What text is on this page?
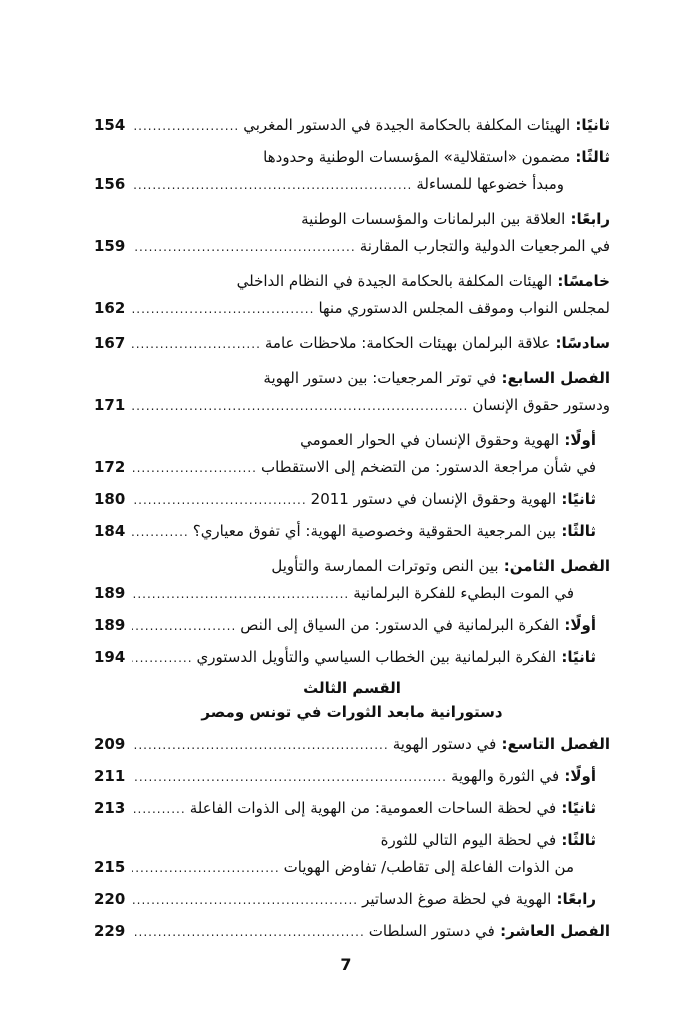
ثانيًا: الهيئات المكلفة بالحكامة الجيدة في الدستور المغربي
.....
154
ثالثًا: مضمون «استقلالية» المؤسسات الوطنية وحدودها
ومبدأ خضوعها للمساءلة
.....
156
رابعًا: العلاقة بين البرلمانات والمؤسسات الوطنية
في المرجعيات الدولية والتجارب المقارنة
.....
159
خامسًا: الهيئات المكلفة بالحكامة الجيدة في النظام الداخلي
لمجلس النواب وموقف المجلس الدستوري منها
.....
162
سادسًا: علاقة البرلمان بهيئات الحكامة: ملاحظات عامة
.....
167
الفصل السابع: في توتر المرجعيات: بين دستور الهوية
ودستور حقوق الإنسان
.....
171
أولًا: الهوية وحقوق الإنسان في الحوار العمومي
في شأن مراجعة الدستور: من التضخم إلى الاستقطاب
.....
172
ثانيًا: الهوية وحقوق الإنسان في دستور 2011
.....
180
ثالثًا: بين المرجعية الحقوقية وخصوصية الهوية: أي تفوق معياري؟
.....
184
الفصل الثامن: بين النص وتوترات الممارسة والتأويل
في الموت البطيء للفكرة البرلمانية
.....
189
أولًا: الفكرة البرلمانية في الدستور: من السياق إلى النص
.....
189
ثانيًا: الفكرة البرلمانية بين الخطاب السياسي والتأويل الدستوري
.....
194
القسم الثالث
دستورانية مابعد الثورات في تونس ومصر
الفصل التاسع: في دستور الهوية
.....
209
أولًا: في الثورة والهوية
.....
211
ثانيًا: في لحظة الساحات العمومية: من الهوية إلى الذوات الفاعلة
.....
213
ثالثًا: في لحظة اليوم التالي للثورة
من الذوات الفاعلة إلى تقاطب/ تفاوض الهويات
.....
215
رابعًا: الهوية في لحظة صوغ الدساتير
.....
220
الفصل العاشر: في دستور السلطات
.....
229
7
